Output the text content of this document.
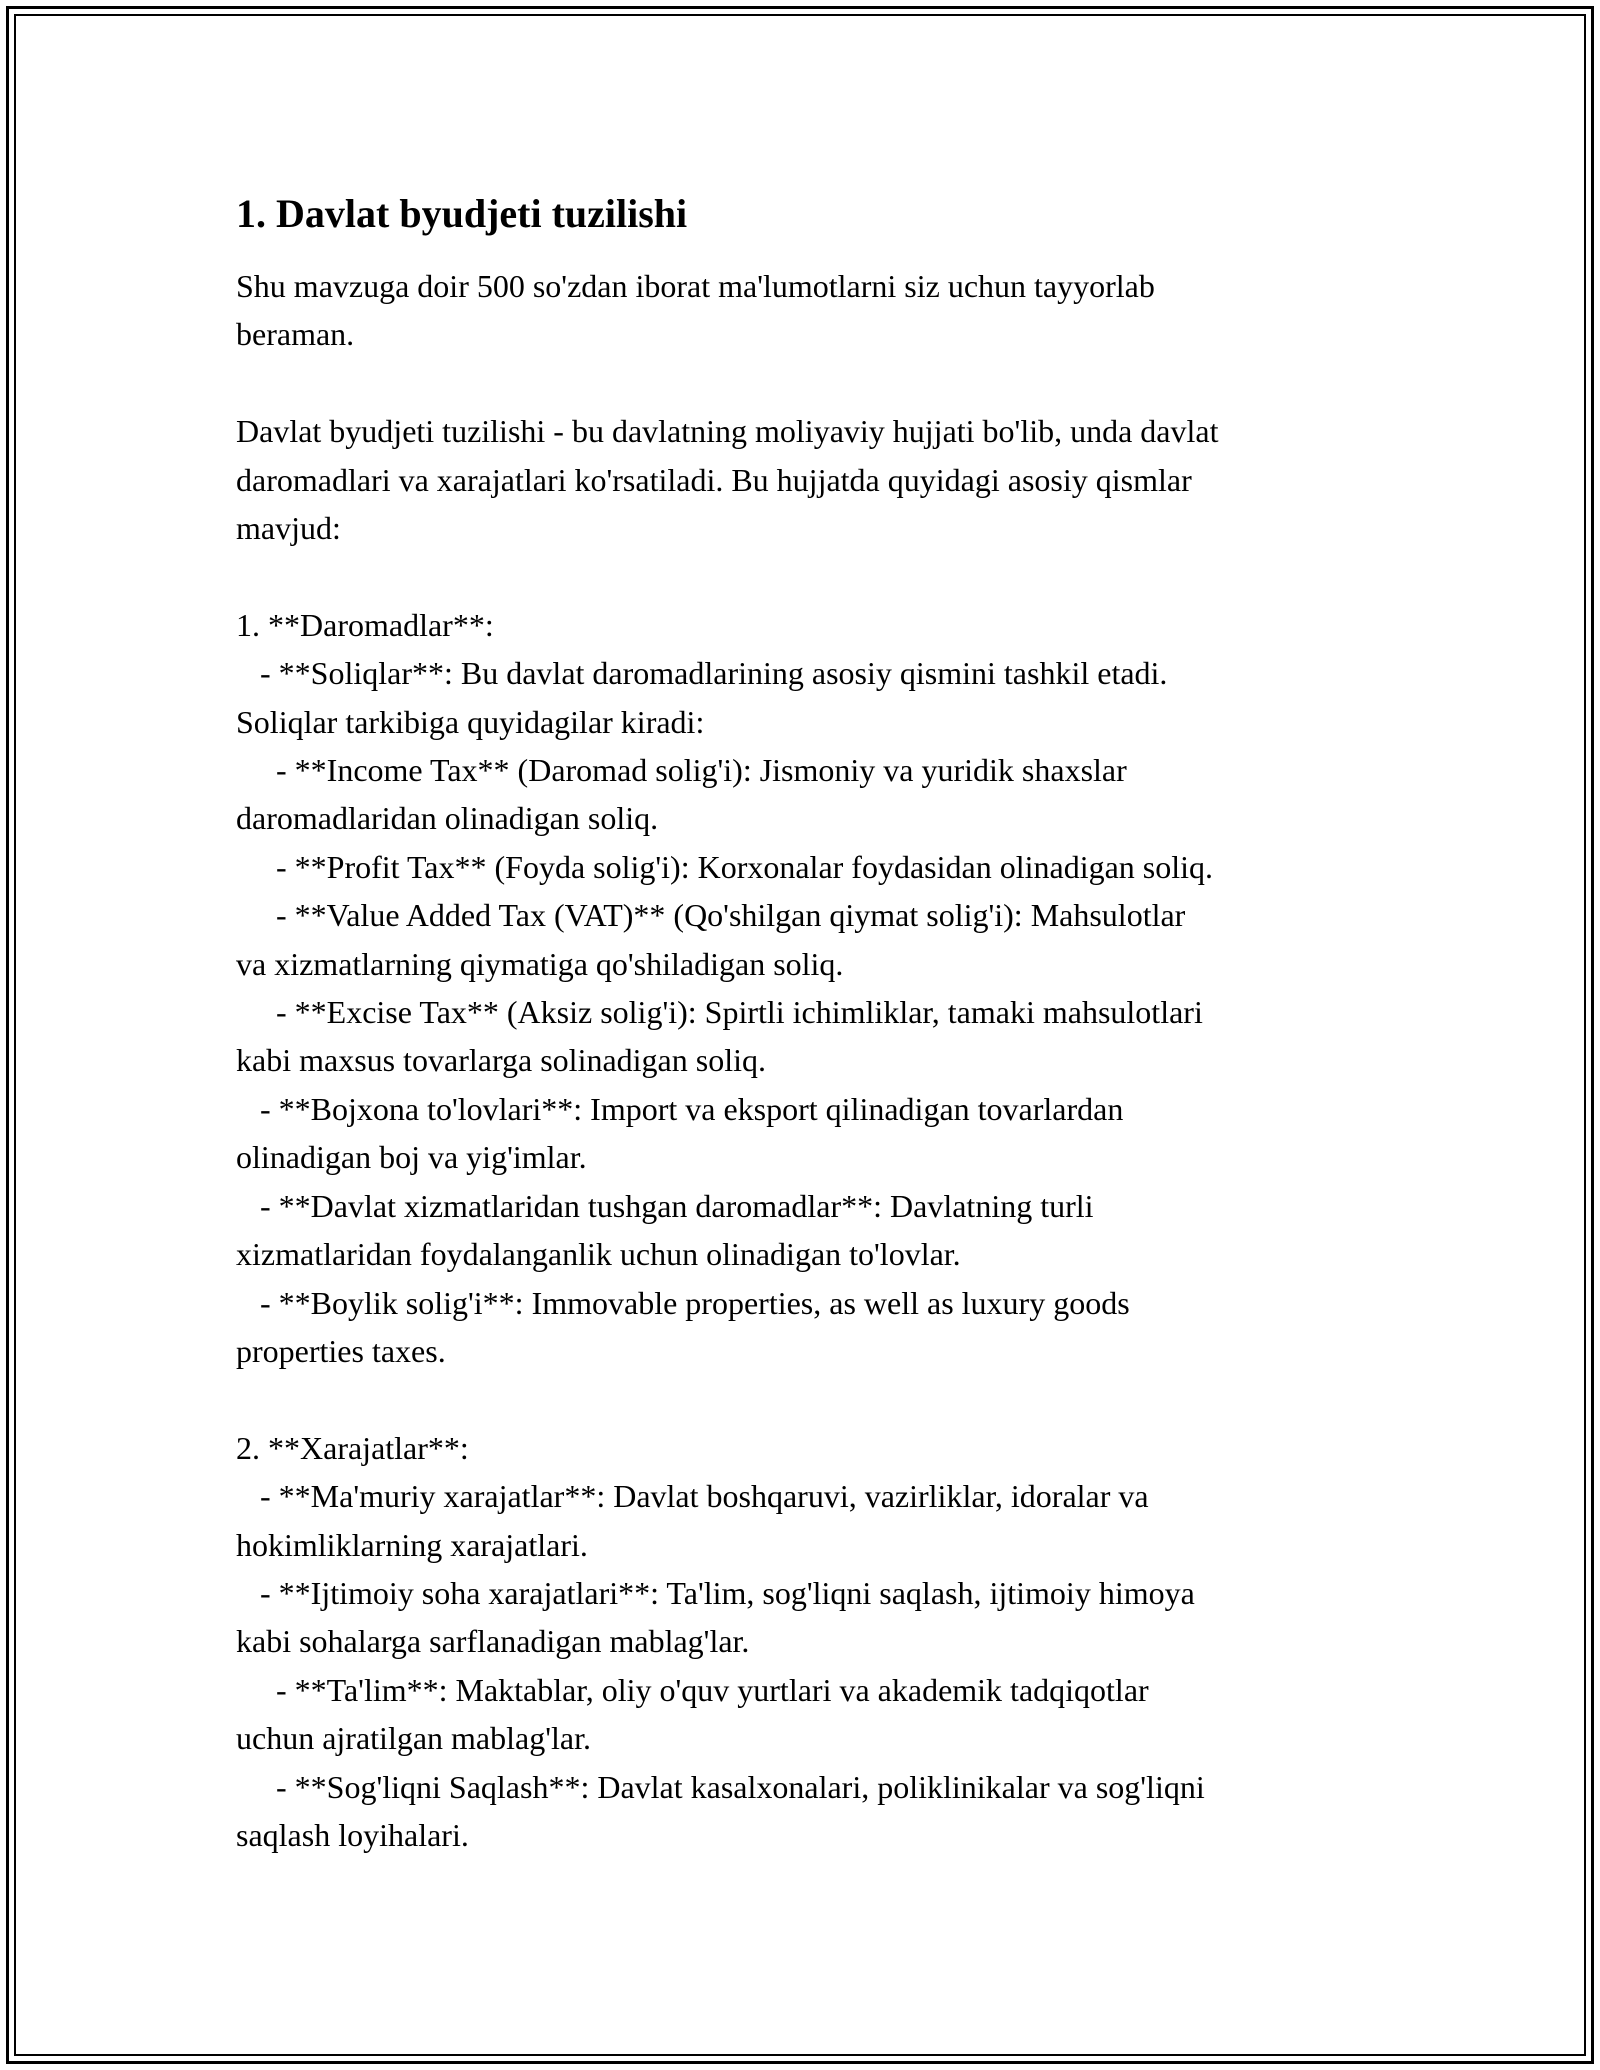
1. Davlat byudjeti tuzilishi
Shu mavzuga doir 500 so'zdan iborat ma'lumotlarni siz uchun tayyorlab
beraman.
Davlat byudjeti tuzilishi - bu davlatning moliyaviy hujjati bo'lib, unda davlat
daromadlari va xarajatlari ko'rsatiladi. Bu hujjatda quyidagi asosiy qismlar
mavjud:
1. **Daromadlar**:
- **Soliqlar**: Bu davlat daromadlarining asosiy qismini tashkil etadi.
Soliqlar tarkibiga quyidagilar kiradi:
- **Income Tax** (Daromad solig'i): Jismoniy va yuridik shaxslar
daromadlaridan olinadigan soliq.
- **Profit Tax** (Foyda solig'i): Korxonalar foydasidan olinadigan soliq.
- **Value Added Tax (VAT)** (Qo'shilgan qiymat solig'i): Mahsulotlar
va xizmatlarning qiymatiga qo'shiladigan soliq.
- **Excise Tax** (Aksiz solig'i): Spirtli ichimliklar, tamaki mahsulotlari
kabi maxsus tovarlarga solinadigan soliq.
- **Bojxona to'lovlari**: Import va eksport qilinadigan tovarlardan
olinadigan boj va yig'imlar.
- **Davlat xizmatlaridan tushgan daromadlar**: Davlatning turli
xizmatlaridan foydalanganlik uchun olinadigan to'lovlar.
- **Boylik solig'i**: Immovable properties, as well as luxury goods
properties taxes.
2. **Xarajatlar**:
- **Ma'muriy xarajatlar**: Davlat boshqaruvi, vazirliklar, idoralar va
hokimliklarning xarajatlari.
- **Ijtimoiy soha xarajatlari**: Ta'lim, sog'liqni saqlash, ijtimoiy himoya
kabi sohalarga sarflanadigan mablag'lar.
- **Ta'lim**: Maktablar, oliy o'quv yurtlari va akademik tadqiqotlar
uchun ajratilgan mablag'lar.
- **Sog'liqni Saqlash**: Davlat kasalxonalari, poliklinikalar va sog'liqni
saqlash loyihalari.
